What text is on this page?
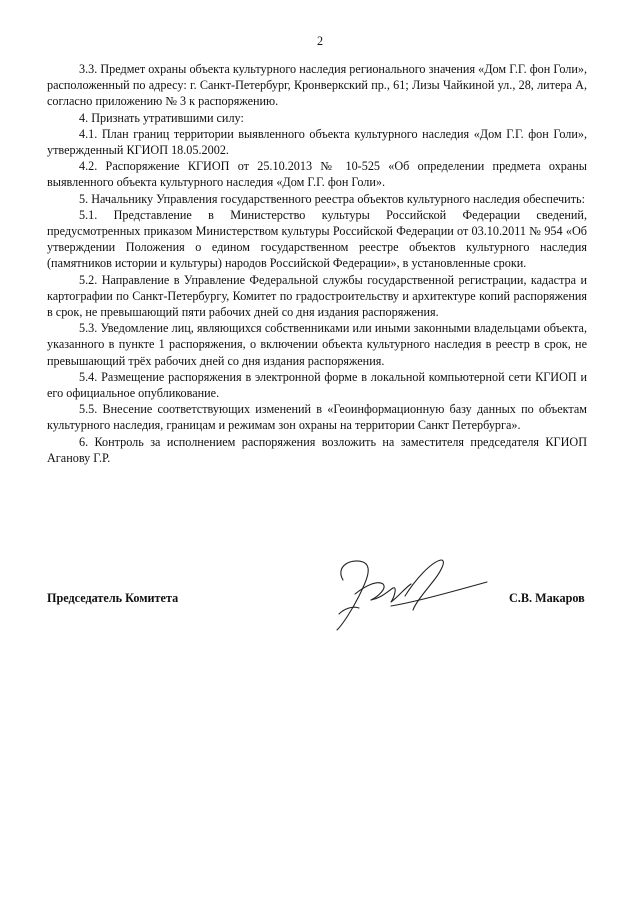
2

3.3. Предмет охраны объекта культурного наследия регионального значения «Дом Г.Г. фон Голи», расположенный по адресу: г. Санкт-Петербург, Кронверкский пр., 61; Лизы Чайкиной ул., 28, литера А, согласно приложению № 3 к распоряжению.

4. Признать утратившими силу:

4.1. План границ территории выявленного объекта культурного наследия «Дом Г.Г. фон Голи», утвержденный КГИОП 18.05.2002.

4.2. Распоряжение КГИОП от 25.10.2013 № 10-525 «Об определении предмета охраны выявленного объекта культурного наследия «Дом Г.Г. фон Голи».

5. Начальнику Управления государственного реестра объектов культурного наследия обеспечить:

5.1. Представление в Министерство культуры Российской Федерации сведений, предусмотренных приказом Министерством культуры Российской Федерации от 03.10.2011 № 954 «Об утверждении Положения о едином государственном реестре объектов культурного наследия (памятников истории и культуры) народов Российской Федерации», в установленные сроки.

5.2. Направление в Управление Федеральной службы государственной регистрации, кадастра и картографии по Санкт-Петербургу, Комитет по градостроительству и архитектуре копий распоряжения в срок, не превышающий пяти рабочих дней со дня издания распоряжения.

5.3. Уведомление лиц, являющихся собственниками или иными законными владельцами объекта, указанного в пункте 1 распоряжения, о включении объекта культурного наследия в реестр в срок, не превышающий трёх рабочих дней со дня издания распоряжения.

5.4. Размещение распоряжения в электронной форме в локальной компьютерной сети КГИОП и его официальное опубликование.

5.5. Внесение соответствующих изменений в «Геоинформационную базу данных по объектам культурного наследия, границам и режимам зон охраны на территории Санкт Петербурга».

6. Контроль за исполнением распоряжения возложить на заместителя председателя КГИОП Аганову Г.Р.

Председатель Комитета	С.В. Макаров
